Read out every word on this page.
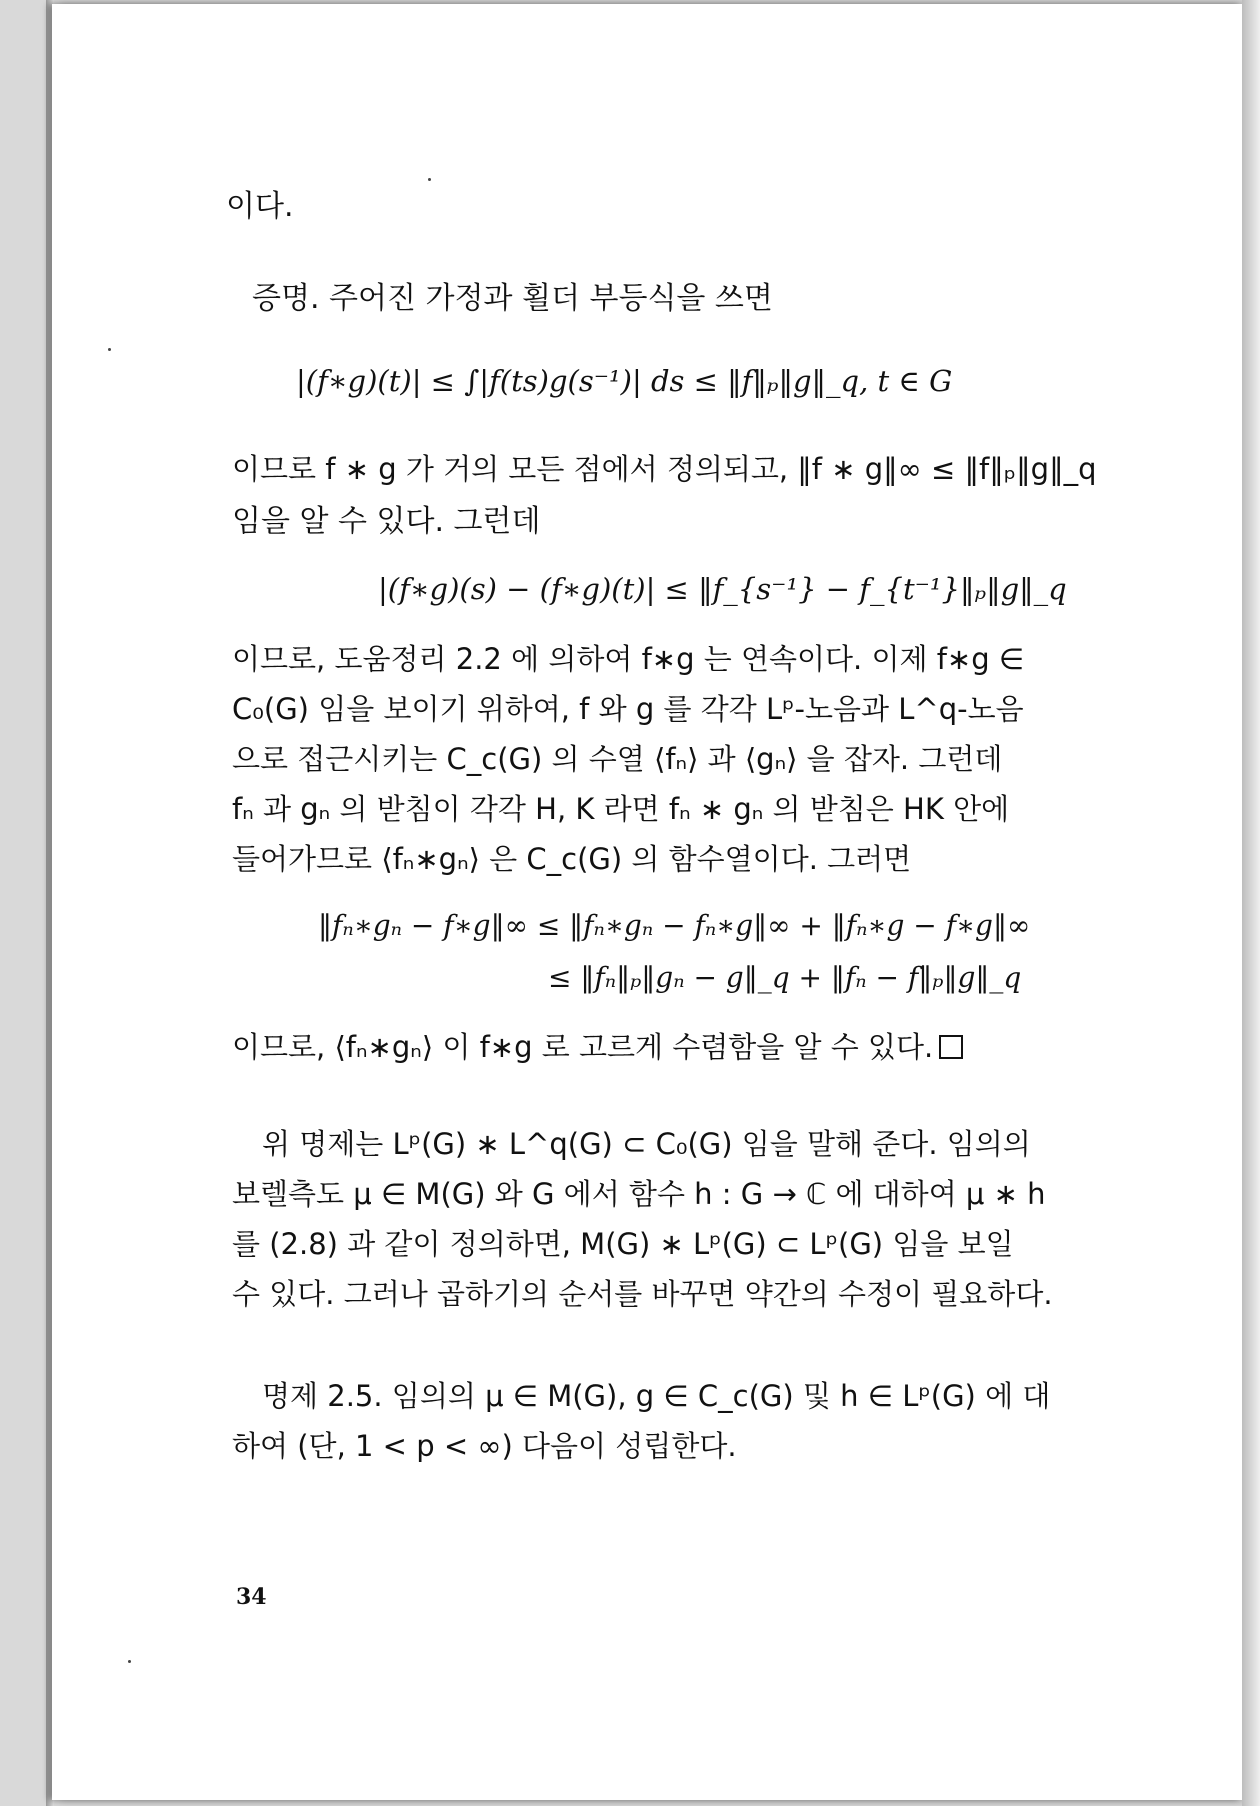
이다.
증명. 주어진 가정과 횔더 부등식을 쓰면
|(f∗g)(t)| ≤ ∫|f(ts)g(s⁻¹)| ds ≤ ‖f‖ₚ‖g‖_q, t ∈ G
이므로 f ∗ g 가 거의 모든 점에서 정의되고, ‖f ∗ g‖∞ ≤ ‖f‖ₚ‖g‖_q
임을 알 수 있다. 그런데
|(f∗g)(s) − (f∗g)(t)| ≤ ‖f_{s⁻¹} − f_{t⁻¹}‖ₚ‖g‖_q
이므로, 도움정리 2.2 에 의하여 f∗g 는 연속이다. 이제 f∗g ∈
C₀(G) 임을 보이기 위하여, f 와 g 를 각각 Lᵖ-노음과 L^q-노음
으로 접근시키는 C_c(G) 의 수열 ⟨fₙ⟩ 과 ⟨gₙ⟩ 을 잡자. 그런데
fₙ 과 gₙ 의 받침이 각각 H, K 라면 fₙ ∗ gₙ 의 받침은 HK 안에
들어가므로 ⟨fₙ∗gₙ⟩ 은 C_c(G) 의 함수열이다. 그러면
‖fₙ∗gₙ − f∗g‖∞ ≤ ‖fₙ∗gₙ − fₙ∗g‖∞ + ‖fₙ∗g − f∗g‖∞
≤ ‖fₙ‖ₚ‖gₙ − g‖_q + ‖fₙ − f‖ₚ‖g‖_q
이므로, ⟨fₙ∗gₙ⟩ 이 f∗g 로 고르게 수렴함을 알 수 있다.
위 명제는 Lᵖ(G) ∗ L^q(G) ⊂ C₀(G) 임을 말해 준다. 임의의
보렐측도 μ ∈ M(G) 와 G 에서 함수 h : G → ℂ 에 대하여 μ ∗ h
를 (2.8) 과 같이 정의하면, M(G) ∗ Lᵖ(G) ⊂ Lᵖ(G) 임을 보일
수 있다. 그러나 곱하기의 순서를 바꾸면 약간의 수정이 필요하다.
명제 2.5. 임의의 μ ∈ M(G), g ∈ C_c(G) 및 h ∈ Lᵖ(G) 에 대
하여 (단, 1 < p < ∞) 다음이 성립한다.
34
